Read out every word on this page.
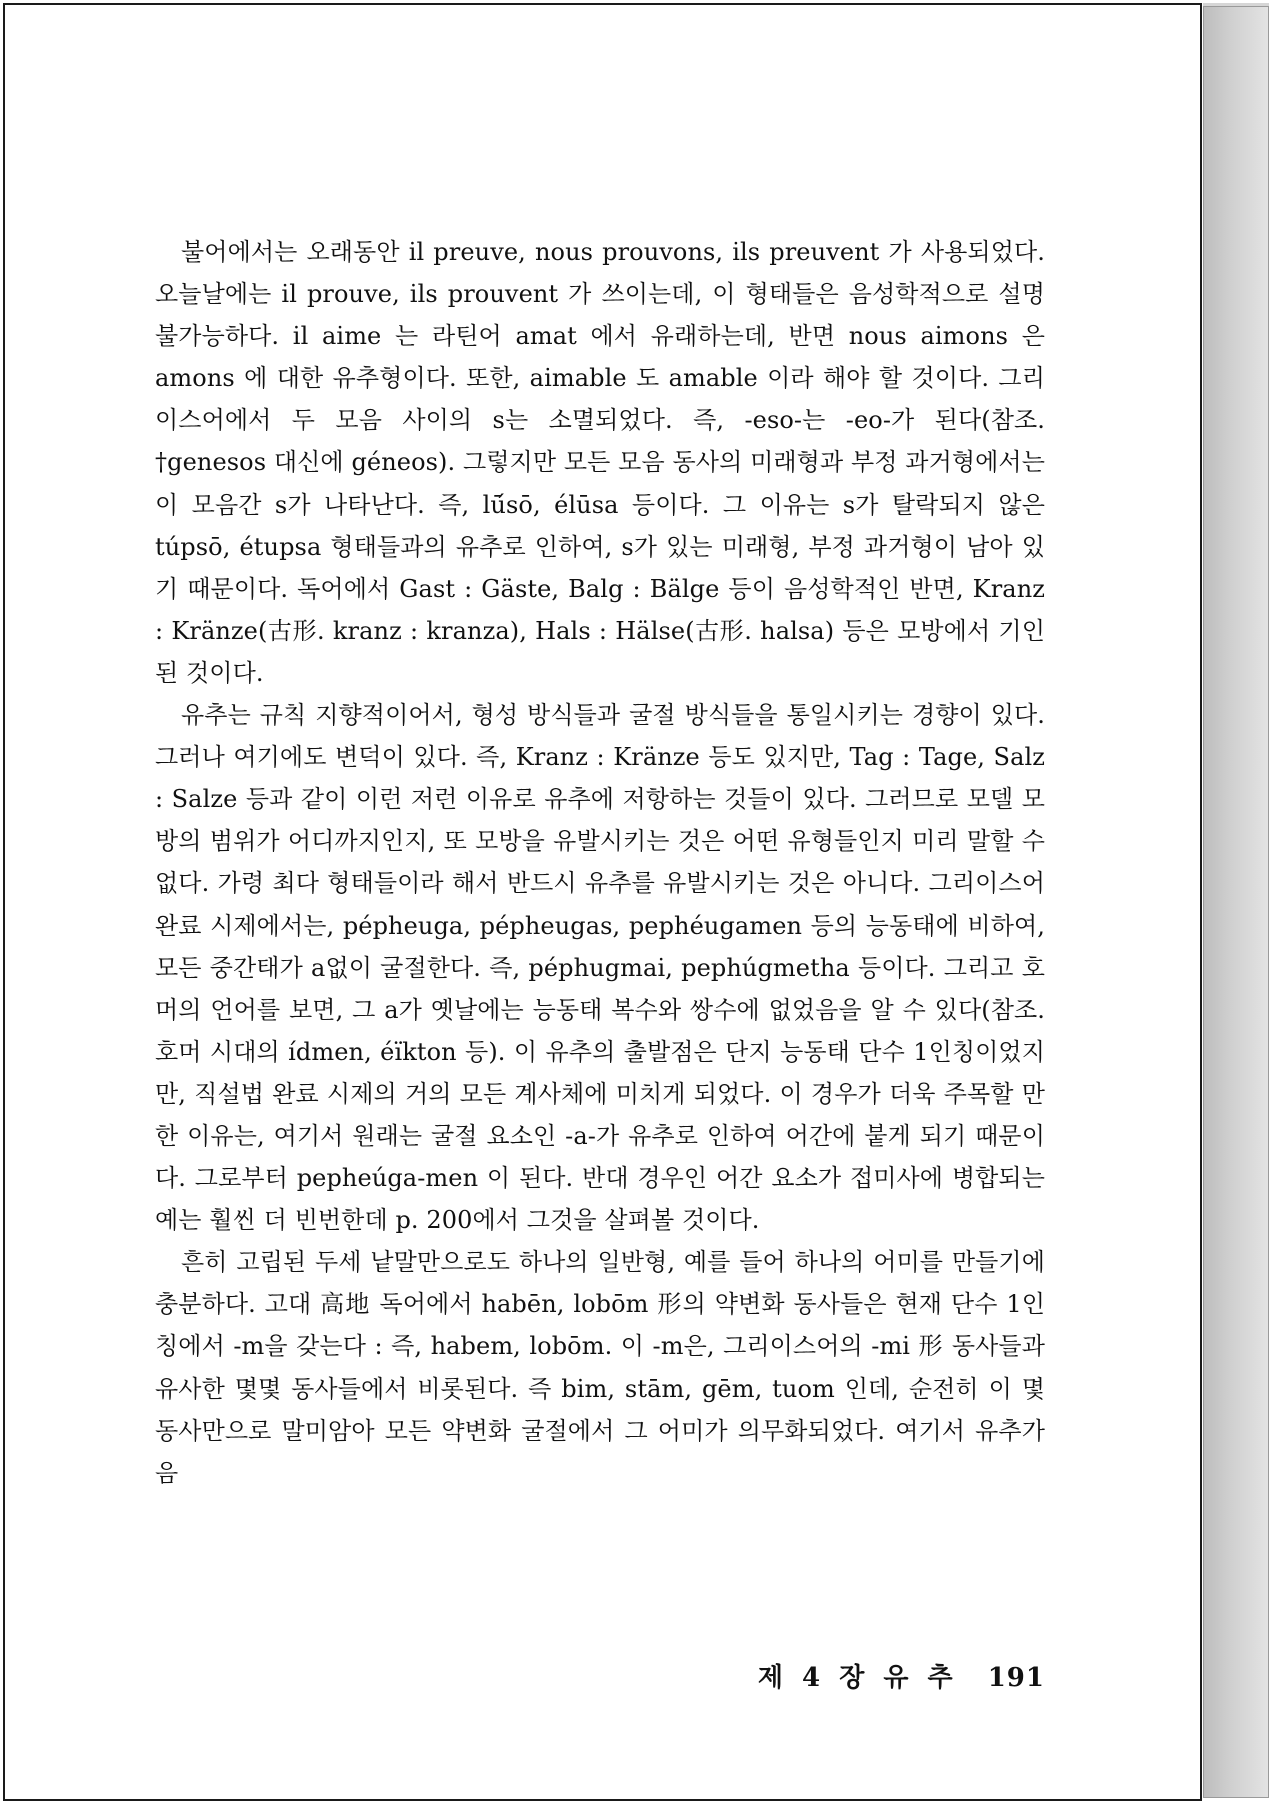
불어에서는 오래동안 il preuve, nous prouvons, ils preuvent 가 사용되었다. 오늘날에는 il prouve, ils prouvent 가 쓰이는데, 이 형태들은 음성학적으로 설명 불가능하다. il aime 는 라틴어 amat 에서 유래하는데, 반면 nous aimons 은 amons 에 대한 유추형이다. 또한, aimable 도 amable 이라 해야 할 것이다. 그리이스어에서 두 모음 사이의 s는 소멸되었다. 즉, -eso-는 -eo-가 된다(참조. †genesos 대신에 géneos). 그렇지만 모든 모음 동사의 미래형과 부정 과거형에서는 이 모음간 s가 나타난다. 즉, lū́sō, élūsa 등이다. 그 이유는 s가 탈락되지 않은 túpsō, étupsa 형태들과의 유추로 인하여, s가 있는 미래형, 부정 과거형이 남아 있기 때문이다. 독어에서 Gast : Gäste, Balg : Bälge 등이 음성학적인 반면, Kranz : Kränze(古形. kranz : kranza), Hals : Hälse(古形. halsa) 등은 모방에서 기인된 것이다.

유추는 규칙 지향적이어서, 형성 방식들과 굴절 방식들을 통일시키는 경향이 있다. 그러나 여기에도 변덕이 있다. 즉, Kranz : Kränze 등도 있지만, Tag : Tage, Salz : Salze 등과 같이 이런 저런 이유로 유추에 저항하는 것들이 있다. 그러므로 모델 모방의 범위가 어디까지인지, 또 모방을 유발시키는 것은 어떤 유형들인지 미리 말할 수 없다. 가령 최다 형태들이라 해서 반드시 유추를 유발시키는 것은 아니다. 그리이스어 완료 시제에서는, pépheuga, pépheugas, pephéugamen 등의 능동태에 비하여, 모든 중간태가 a없이 굴절한다. 즉, péphugmai, pephúgmetha 등이다. 그리고 호머의 언어를 보면, 그 a가 옛날에는 능동태 복수와 쌍수에 없었음을 알 수 있다(참조. 호머 시대의 ídmen, éïkton 등). 이 유추의 출발점은 단지 능동태 단수 1인칭이었지만, 직설법 완료 시제의 거의 모든 계사체에 미치게 되었다. 이 경우가 더욱 주목할 만한 이유는, 여기서 원래는 굴절 요소인 -a-가 유추로 인하여 어간에 붙게 되기 때문이다. 그로부터 pepheúga-men 이 된다. 반대 경우인 어간 요소가 접미사에 병합되는 예는 훨씬 더 빈번한데 p. 200에서 그것을 살펴볼 것이다.

흔히 고립된 두세 낱말만으로도 하나의 일반형, 예를 들어 하나의 어미를 만들기에 충분하다. 고대 高地 독어에서 habēn, lobōm 形의 약변화 동사들은 현재 단수 1인칭에서 -m을 갖는다 : 즉, habem, lobōm. 이 -m은, 그리이스어의 -mi 形 동사들과 유사한 몇몇 동사들에서 비롯된다. 즉 bim, stām, gēm, tuom 인데, 순전히 이 몇 동사만으로 말미암아 모든 약변화 굴절에서 그 어미가 의무화되었다. 여기서 유추가 음

제 4 장 유 추 191
